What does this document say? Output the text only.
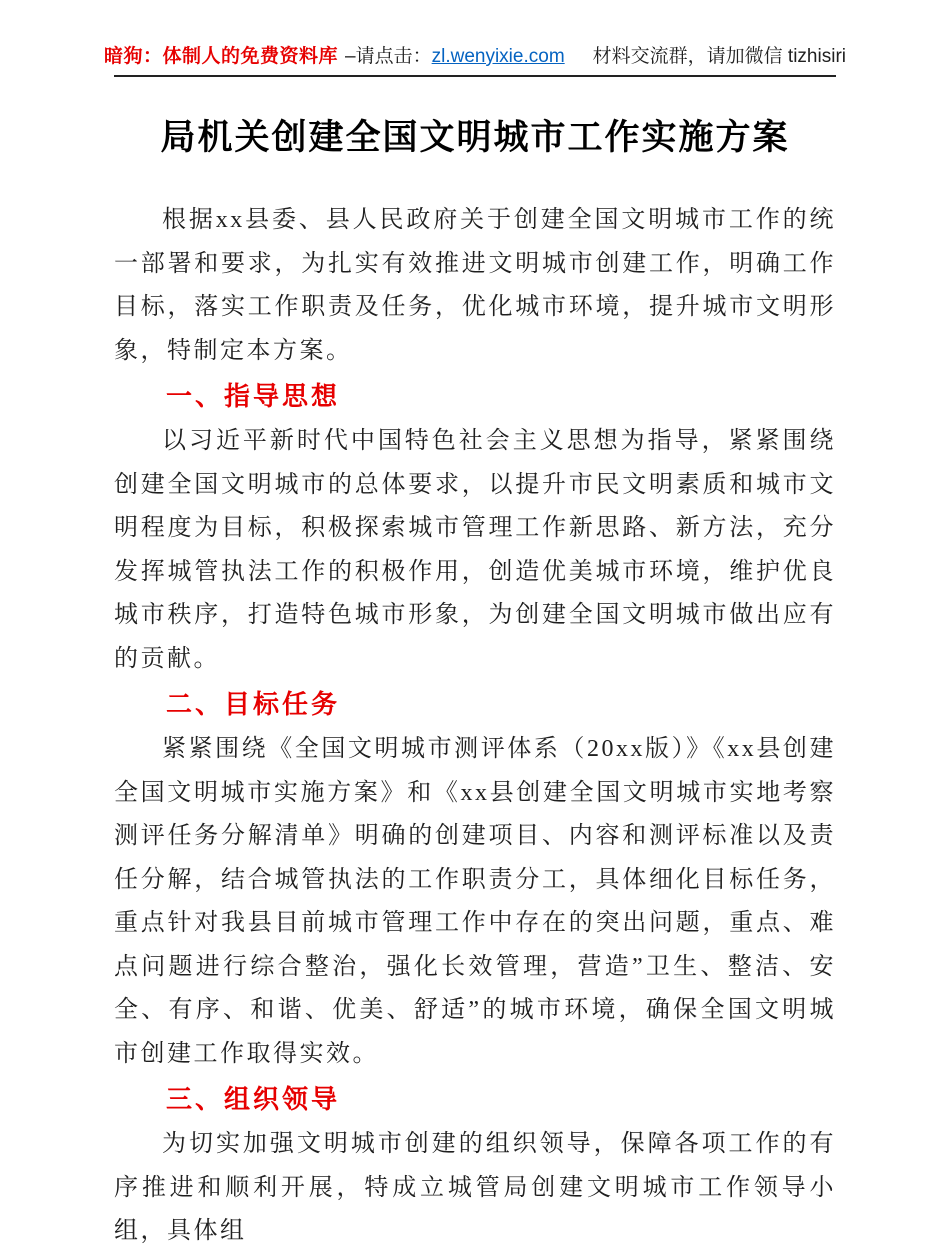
暗狗：体制人的免费资料库 –请点击： zl.wenyixie.com 材料交流群，请加微信 tizhisiri
局机关创建全国文明城市工作实施方案

根据xx县委、县人民政府关于创建全国文明城市工作的统一部署和要求，为扎实有效推进文明城市创建工作，明确工作目标，落实工作职责及任务，优化城市环境，提升城市文明形象，特制定本方案。

一、指导思想

以习近平新时代中国特色社会主义思想为指导，紧紧围绕创建全国文明城市的总体要求，以提升市民文明素质和城市文明程度为目标，积极探索城市管理工作新思路、新方法，充分发挥城管执法工作的积极作用，创造优美城市环境，维护优良城市秩序，打造特色城市形象，为创建全国文明城市做出应有的贡献。

二、目标任务

紧紧围绕《全国文明城市测评体系（20xx版）》《xx县创建全国文明城市实施方案》和《xx县创建全国文明城市实地考察测评任务分解清单》明确的创建项目、内容和测评标准以及责任分解，结合城管执法的工作职责分工，具体细化目标任务，重点针对我县目前城市管理工作中存在的突出问题，重点、难点问题进行综合整治，强化长效管理，营造”卫生、整洁、安全、有序、和谐、优美、舒适”的城市环境，确保全国文明城市创建工作取得实效。

三、组织领导

为切实加强文明城市创建的组织领导，保障各项工作的有序推进和顺利开展，特成立城管局创建文明城市工作领导小组，具体组
